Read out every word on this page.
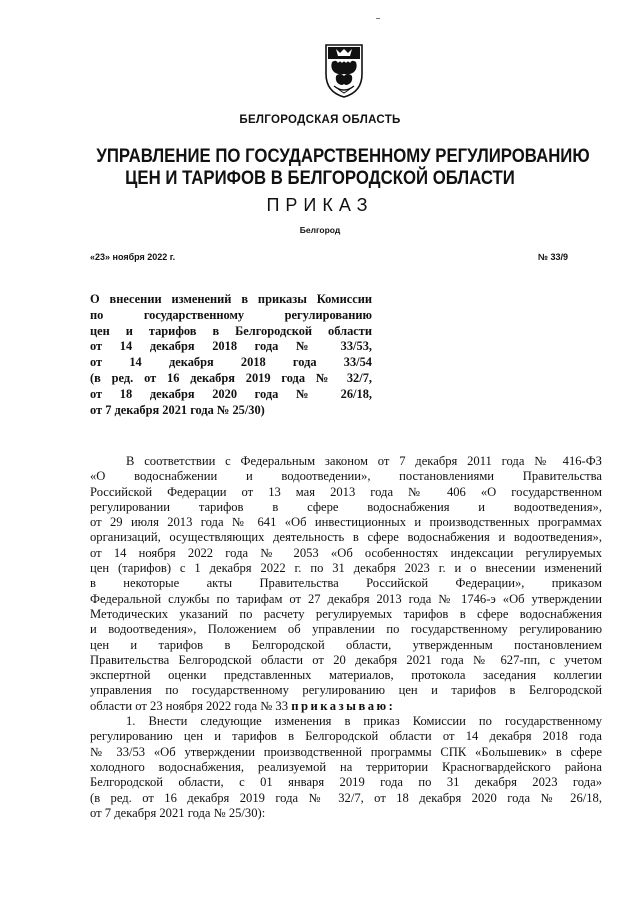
БЕЛГОРОДСКАЯ ОБЛАСТЬ
УПРАВЛЕНИЕ ПО ГОСУДАРСТВЕННОМУ РЕГУЛИРОВАНИЮ
ЦЕН И ТАРИФОВ В БЕЛГОРОДСКОЙ ОБЛАСТИ
ПРИКАЗ
Белгород
«23» ноября 2022 г.	№ 33/9
О внесении изменений в приказы Комиссии
по государственному регулированию
цен и тарифов в Белгородской области
от 14 декабря 2018 года № 33/53,
от 14 декабря 2018 года 33/54
(в ред. от 16 декабря 2019 года № 32/7,
от 18 декабря 2020 года № 26/18,
от 7 декабря 2021 года № 25/30)
В соответствии с Федеральным законом от 7 декабря 2011 года № 416-ФЗ
«О водоснабжении и водоотведении», постановлениями Правительства
Российской Федерации от 13 мая 2013 года № 406 «О государственном
регулировании тарифов в сфере водоснабжения и водоотведения»,
от 29 июля 2013 года № 641 «Об инвестиционных и производственных программах
организаций, осуществляющих деятельность в сфере водоснабжения и водоотведения»,
от 14 ноября 2022 года № 2053 «Об особенностях индексации регулируемых
цен (тарифов) с 1 декабря 2022 г. по 31 декабря 2023 г. и о внесении изменений
в некоторые акты Правительства Российской Федерации», приказом
Федеральной службы по тарифам от 27 декабря 2013 года № 1746-э «Об утверждении
Методических указаний по расчету регулируемых тарифов в сфере водоснабжения
и водоотведения», Положением об управлении по государственному регулированию
цен и тарифов в Белгородской области, утвержденным постановлением
Правительства Белгородской области от 20 декабря 2021 года № 627-пп, с учетом
экспертной оценки представленных материалов, протокола заседания коллегии
управления по государственному регулированию цен и тарифов в Белгородской
области от 23 ноября 2022 года № 33 приказываю:
1. Внести следующие изменения в приказ Комиссии по государственному
регулированию цен и тарифов в Белгородской области от 14 декабря 2018 года
№ 33/53 «Об утверждении производственной программы СПК «Большевик» в сфере
холодного водоснабжения, реализуемой на территории Красногвардейского района
Белгородской области, с 01 января 2019 года по 31 декабря 2023 года»
(в ред. от 16 декабря 2019 года № 32/7, от 18 декабря 2020 года № 26/18,
от 7 декабря 2021 года № 25/30):
